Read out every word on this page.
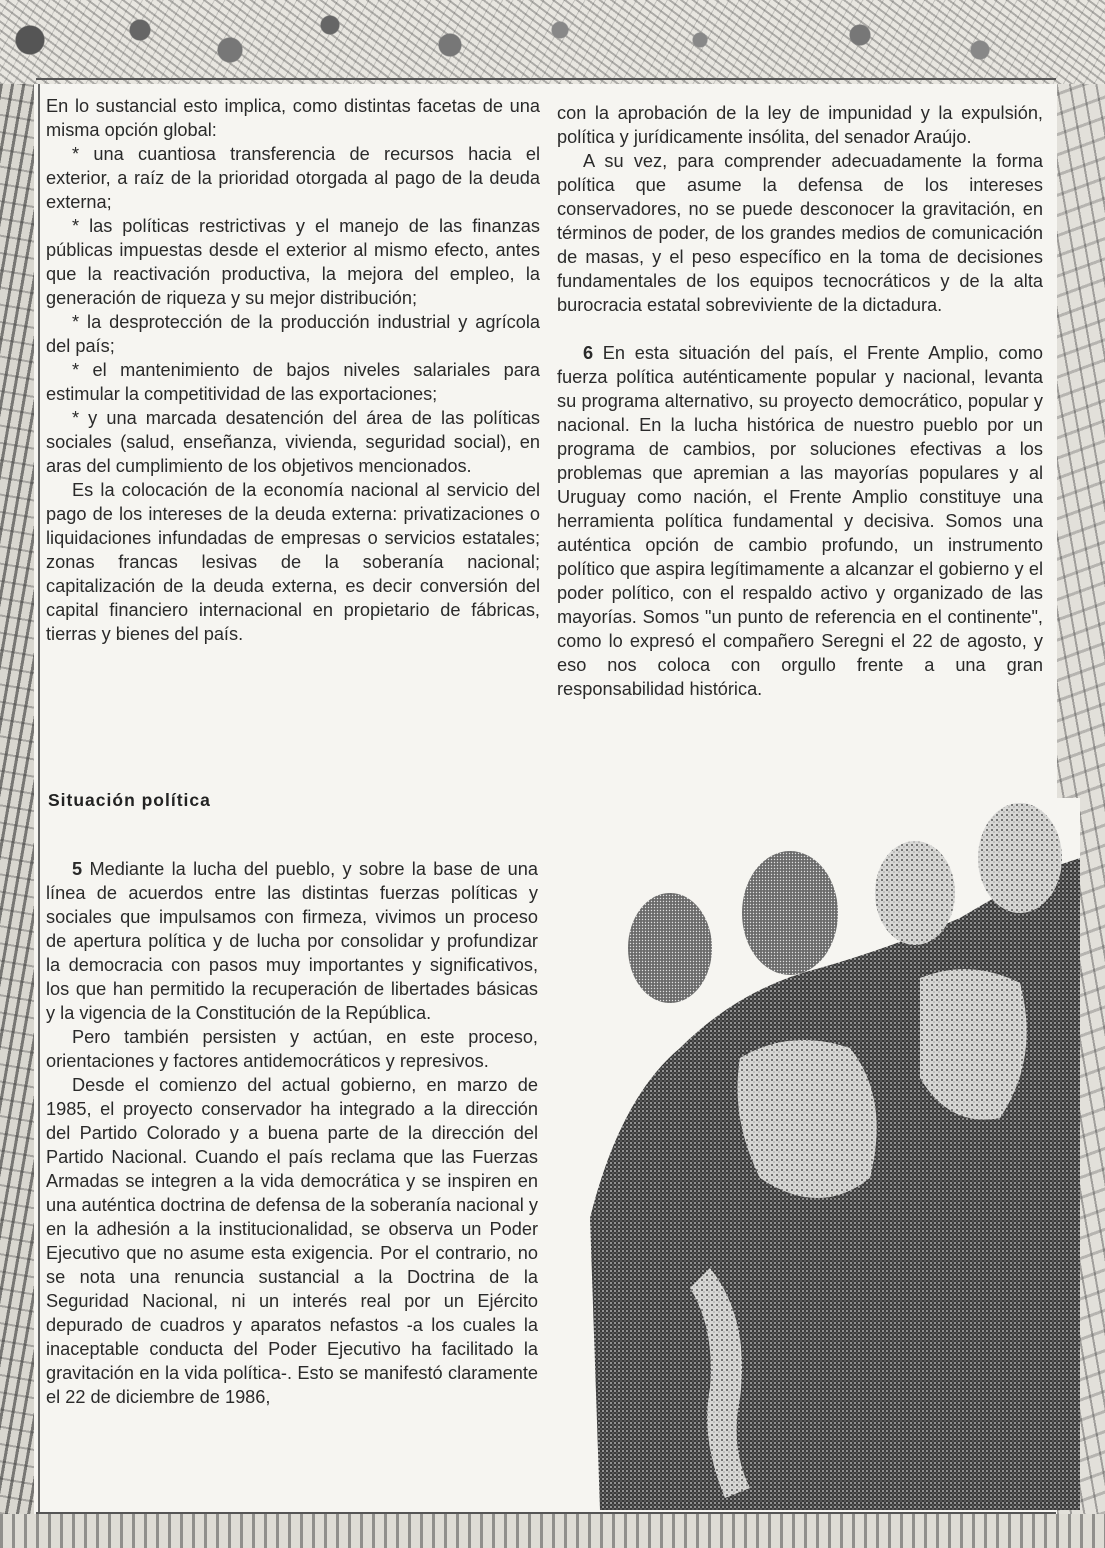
En lo sustancial esto implica, como distintas facetas de una misma opción global:

* una cuantiosa transferencia de recursos hacia el exterior, a raíz de la prioridad otorgada al pago de la deuda externa;

* las políticas restrictivas y el manejo de las finanzas públicas impuestas desde el exterior al mismo efecto, antes que la reactivación productiva, la mejora del empleo, la generación de riqueza y su mejor distribución;

* la desprotección de la producción industrial y agrícola del país;

* el mantenimiento de bajos niveles salariales para estimular la competitividad de las exportaciones;

* y una marcada desatención del área de las políticas sociales (salud, enseñanza, vivienda, seguridad social), en aras del cumplimiento de los objetivos mencionados.

Es la colocación de la economía nacional al servicio del pago de los intereses de la deuda externa: privatizaciones o liquidaciones infundadas de empresas o servicios estatales; zonas francas lesivas de la soberanía nacional; capitalización de la deuda externa, es decir conversión del capital financiero internacional en propietario de fábricas, tierras y bienes del país.

con la aprobación de la ley de impunidad y la expulsión, política y jurídicamente insólita, del senador Araújo.

A su vez, para comprender adecuadamente la forma política que asume la defensa de los intereses conservadores, no se puede desconocer la gravitación, en términos de poder, de los grandes medios de comunicación de masas, y el peso específico en la toma de decisiones fundamentales de los equipos tecnocráticos y de la alta burocracia estatal sobreviviente de la dictadura.

6 En esta situación del país, el Frente Amplio, como fuerza política auténticamente popular y nacional, levanta su programa alternativo, su proyecto democrático, popular y nacional. En la lucha histórica de nuestro pueblo por un programa de cambios, por soluciones efectivas a los problemas que apremian a las mayorías populares y al Uruguay como nación, el Frente Amplio constituye una herramienta política fundamental y decisiva. Somos una auténtica opción de cambio profundo, un instrumento político que aspira legítimamente a alcanzar el gobierno y el poder político, con el respaldo activo y organizado de las mayorías. Somos "un punto de referencia en el continente", como lo expresó el compañero Seregni el 22 de agosto, y eso nos coloca con orgullo frente a una gran responsabilidad histórica.

Situación política

5 Mediante la lucha del pueblo, y sobre la base de una línea de acuerdos entre las distintas fuerzas políticas y sociales que impulsamos con firmeza, vivimos un proceso de apertura política y de lucha por consolidar y profundizar la democracia con pasos muy importantes y significativos, los que han permitido la recuperación de libertades básicas y la vigencia de la Constitución de la República.

Pero también persisten y actúan, en este proceso, orientaciones y factores antidemocráticos y represivos.

Desde el comienzo del actual gobierno, en marzo de 1985, el proyecto conservador ha integrado a la dirección del Partido Colorado y a buena parte de la dirección del Partido Nacional. Cuando el país reclama que las Fuerzas Armadas se integren a la vida democrática y se inspiren en una auténtica doctrina de defensa de la soberanía nacional y en la adhesión a la institucionalidad, se observa un Poder Ejecutivo que no asume esta exigencia. Por el contrario, no se nota una renuncia sustancial a la Doctrina de la Seguridad Nacional, ni un interés real por un Ejército depurado de cuadros y aparatos nefastos -a los cuales la inaceptable conducta del Poder Ejecutivo ha facilitado la gravitación en la vida política-. Esto se manifestó claramente el 22 de diciembre de 1986,
